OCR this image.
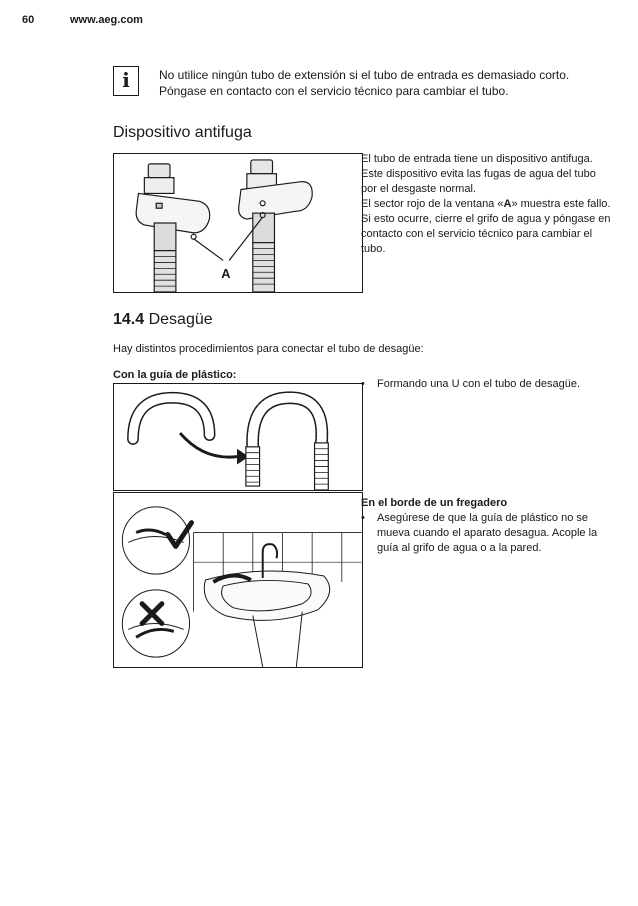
60	www.aeg.com
i	No utilice ningún tubo de extensión si el tubo de entrada es demasiado corto. Póngase en contacto con el servicio técnico para cambiar el tubo.

Dispositivo antifuga
A

El tubo de entrada tiene un dispositivo antifuga. Este dispositivo evita las fugas de agua del tubo por el desgaste normal.

El sector rojo de la ventana «A» muestra este fallo.

Si esto ocurre, cierre el grifo de agua y póngase en contacto con el servicio técnico para cambiar el tubo.

14.4 Desagüe
Hay distintos procedimientos para conectar el tubo de desagüe:
Con la guía de plástico:
• Formando una U con el tubo de desagüe.
En el borde de un fregadero
• Asegúrese de que la guía de plástico no se mueva cuando el aparato desagua. Acople la guía al grifo de agua o a la pared.
